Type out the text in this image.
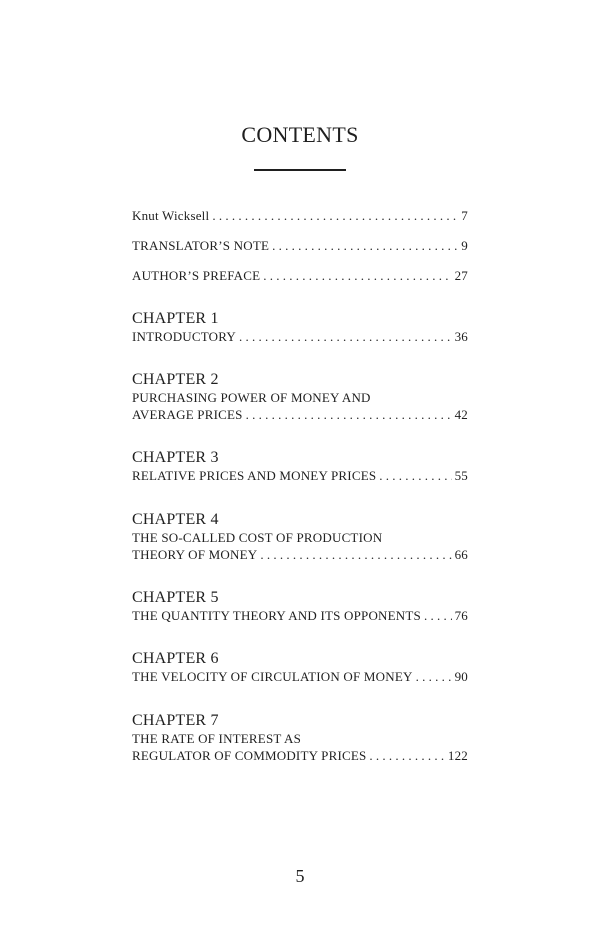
CONTENTS
Knut Wicksell . . .	7
TRANSLATOR’S NOTE . . .	9
AUTHOR’S PREFACE . . .	27
CHAPTER 1
INTRODUCTORY . . .	36
CHAPTER 2
PURCHASING POWER OF MONEY AND
AVERAGE PRICES . . .	42
CHAPTER 3
RELATIVE PRICES AND MONEY PRICES . . .	55
CHAPTER 4
THE SO-CALLED COST OF PRODUCTION
THEORY OF MONEY . . .	66
CHAPTER 5
THE QUANTITY THEORY AND ITS OPPONENTS . . .	76
CHAPTER 6
THE VELOCITY OF CIRCULATION OF MONEY . . .	90
CHAPTER 7
THE RATE OF INTEREST AS
REGULATOR OF COMMODITY PRICES . . .	122
5
